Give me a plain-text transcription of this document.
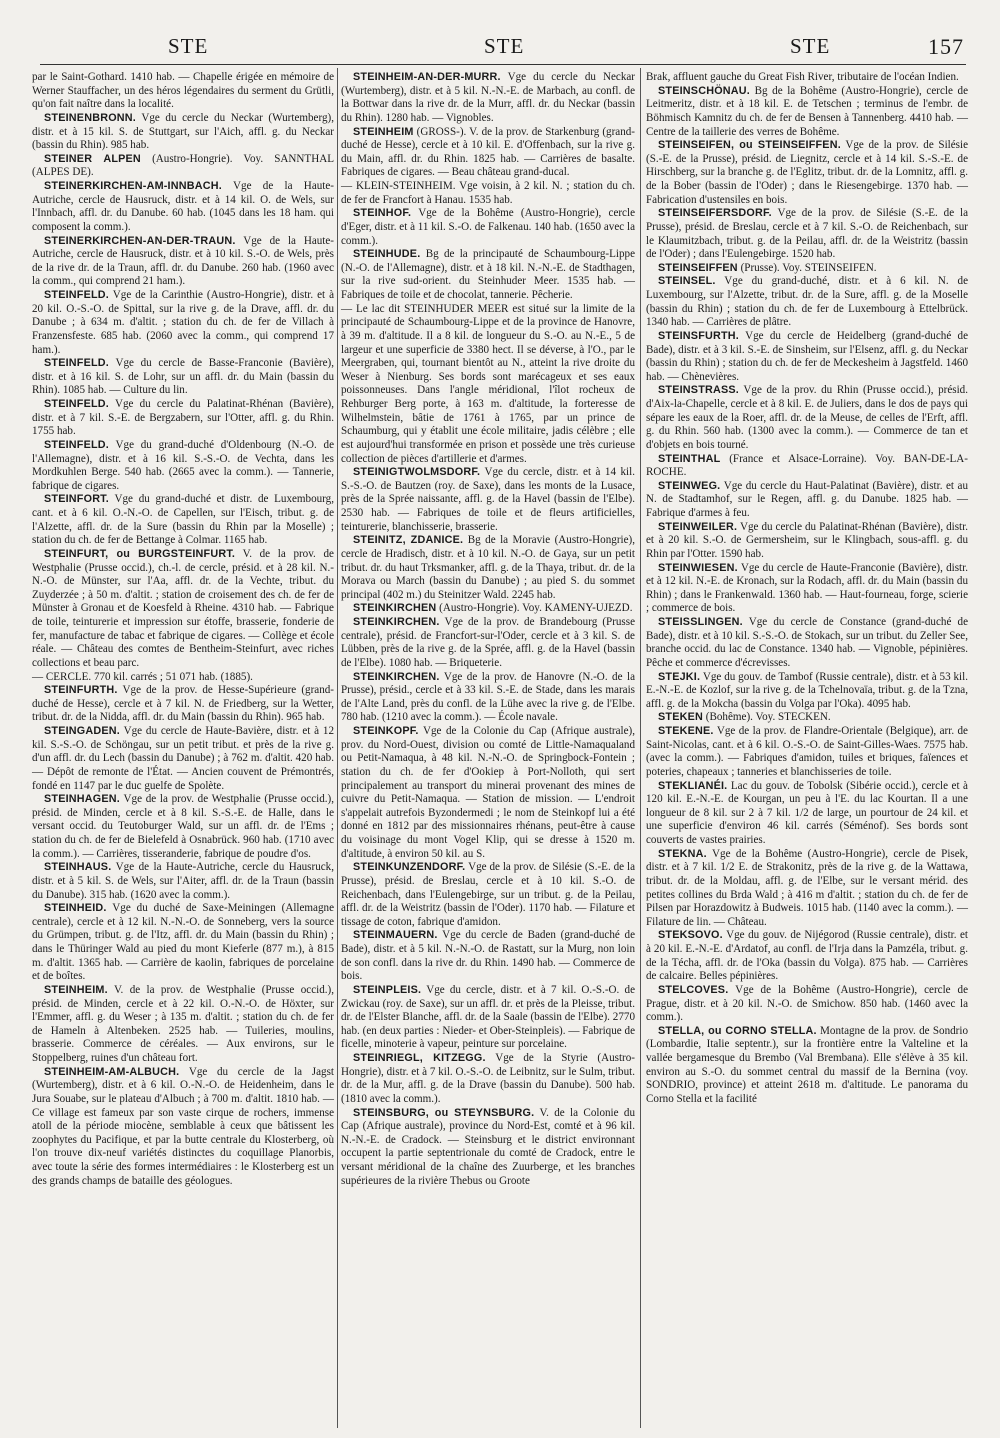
STE	STE	STE	157

par le Saint-Gothard. 1410 hab. — Chapelle érigée en mémoire de Werner Stauffacher, un des héros légendaires du serment du Grütli, qu'on fait naître dans la localité.

STEINENBRONN. Vge du cercle du Neckar (Wurtemberg), distr. et à 15 kil. S. de Stuttgart, sur l'Aich, affl. g. du Neckar (bassin du Rhin). 985 hab.

STEINER ALPEN (Austro-Hongrie). Voy. SANNTHAL (ALPES DE).

STEINERKIRCHEN-AM-INNBACH. Vge de la Haute-Autriche, cercle de Hausruck, distr. et à 14 kil. O. de Wels, sur l'Innbach, affl. dr. du Danube. 60 hab. (1045 dans les 18 ham. qui composent la comm.).

STEINERKIRCHEN-AN-DER-TRAUN. Vge de la Haute-Autriche, cercle de Hausruck, distr. et à 10 kil. S.-O. de Wels, près de la rive dr. de la Traun, affl. dr. du Danube. 260 hab. (1960 avec la comm., qui comprend 21 ham.).

STEINFELD. Vge de la Carinthie (Austro-Hongrie), distr. et à 20 kil. O.-S.-O. de Spittal, sur la rive g. de la Drave, affl. dr. du Danube ; à 634 m. d'altit. ; station du ch. de fer de Villach à Franzensfeste. 685 hab. (2060 avec la comm., qui comprend 17 ham.).

STEINFELD. Vge du cercle de Basse-Franconie (Bavière), distr. et à 16 kil. S. de Lohr, sur un affl. dr. du Main (bassin du Rhin). 1085 hab. — Culture du lin.

STEINFELD. Vge du cercle du Palatinat-Rhénan (Bavière), distr. et à 7 kil. S.-E. de Bergzabern, sur l'Otter, affl. g. du Rhin. 1755 hab.

STEINFELD. Vge du grand-duché d'Oldenbourg (N.-O. de l'Allemagne), distr. et à 16 kil. S.-S.-O. de Vechta, dans les Mordkuhlen Berge. 540 hab. (2665 avec la comm.). — Tannerie, fabrique de cigares.

STEINFORT. Vge du grand-duché et distr. de Luxembourg, cant. et à 6 kil. O.-N.-O. de Capellen, sur l'Eisch, tribut. g. de l'Alzette, affl. dr. de la Sure (bassin du Rhin par la Moselle) ; station du ch. de fer de Bettange à Colmar. 1165 hab.

STEINFURT, ou BURGSTEINFURT. V. de la prov. de Westphalie (Prusse occid.), ch.-l. de cercle, présid. et à 28 kil. N.-N.-O. de Münster, sur l'Aa, affl. dr. de la Vechte, tribut. du Zuyderzée ; à 50 m. d'altit. ; station de croisement des ch. de fer de Münster à Gronau et de Koesfeld à Rheine. 4310 hab. — Fabrique de toile, teinturerie et impression sur étoffe, brasserie, fonderie de fer, manufacture de tabac et fabrique de cigares. — Collège et école réale. — Château des comtes de Bentheim-Steinfurt, avec riches collections et beau parc.

— CERCLE. 770 kil. carrés ; 51 071 hab. (1885).

STEINFURTH. Vge de la prov. de Hesse-Supérieure (grand-duché de Hesse), cercle et à 7 kil. N. de Friedberg, sur la Wetter, tribut. dr. de la Nidda, affl. dr. du Main (bassin du Rhin). 965 hab.

STEINGADEN. Vge du cercle de Haute-Bavière, distr. et à 12 kil. S.-S.-O. de Schöngau, sur un petit tribut. et près de la rive g. d'un affl. dr. du Lech (bassin du Danube) ; à 762 m. d'altit. 420 hab. — Dépôt de remonte de l'État. — Ancien couvent de Prémontrés, fondé en 1147 par le duc guelfe de Spolète.

STEINHAGEN. Vge de la prov. de Westphalie (Prusse occid.), présid. de Minden, cercle et à 8 kil. S.-S.-E. de Halle, dans le versant occid. du Teutoburger Wald, sur un affl. dr. de l'Ems ; station du ch. de fer de Bielefeld à Osnabrück. 960 hab. (1710 avec la comm.). — Carrières, tisseranderie, fabrique de poudre d'os.

STEINHAUS. Vge de la Haute-Autriche, cercle du Hausruck, distr. et à 5 kil. S. de Wels, sur l'Aiter, affl. dr. de la Traun (bassin du Danube). 315 hab. (1620 avec la comm.).

STEINHEID. Vge du duché de Saxe-Meiningen (Allemagne centrale), cercle et à 12 kil. N.-N.-O. de Sonneberg, vers la source du Grümpen, tribut. g. de l'Itz, affl. dr. du Main (bassin du Rhin) ; dans le Thüringer Wald au pied du mont Kieferle (877 m.), à 815 m. d'altit. 1365 hab. — Carrière de kaolin, fabriques de porcelaine et de boîtes.

STEINHEIM. V. de la prov. de Westphalie (Prusse occid.), présid. de Minden, cercle et à 22 kil. O.-N.-O. de Höxter, sur l'Emmer, affl. g. du Weser ; à 135 m. d'altit. ; station du ch. de fer de Hameln à Altenbeken. 2525 hab. — Tuileries, moulins, brasserie. Commerce de céréales. — Aux environs, sur le Stoppelberg, ruines d'un château fort.

STEINHEIM-AM-ALBUCH. Vge du cercle de la Jagst (Wurtemberg), distr. et à 6 kil. O.-N.-O. de Heidenheim, dans le Jura Souabe, sur le plateau d'Albuch ; à 700 m. d'altit. 1810 hab. — Ce village est fameux par son vaste cirque de rochers, immense atoll de la période miocène, semblable à ceux que bâtissent les zoophytes du Pacifique, et par la butte centrale du Klosterberg, où l'on trouve dix-neuf variétés distinctes du coquillage Planorbis, avec toute la série des formes intermédiaires : le Klosterberg est un des grands champs de bataille des géologues.

STEINHEIM-AN-DER-MURR. Vge du cercle du Neckar (Wurtemberg), distr. et à 5 kil. N.-N.-E. de Marbach, au confl. de la Bottwar dans la rive dr. de la Murr, affl. dr. du Neckar (bassin du Rhin). 1280 hab. — Vignobles.

STEINHEIM (GROSS-). V. de la prov. de Starkenburg (grand-duché de Hesse), cercle et à 10 kil. E. d'Offenbach, sur la rive g. du Main, affl. dr. du Rhin. 1825 hab. — Carrières de basalte. Fabriques de cigares. — Beau château grand-ducal.

— KLEIN-STEINHEIM. Vge voisin, à 2 kil. N. ; station du ch. de fer de Francfort à Hanau. 1535 hab.

STEINHOF. Vge de la Bohême (Austro-Hongrie), cercle d'Eger, distr. et à 11 kil. S.-O. de Falkenau. 140 hab. (1650 avec la comm.).

STEINHUDE. Bg de la principauté de Schaumbourg-Lippe (N.-O. de l'Allemagne), distr. et à 18 kil. N.-N.-E. de Stadthagen, sur la rive sud-orient. du Steinhuder Meer. 1535 hab. — Fabriques de toile et de chocolat, tannerie. Pêcherie.

— Le lac dit STEINHUDER MEER est situé sur la limite de la principauté de Schaumbourg-Lippe et de la province de Hanovre, à 39 m. d'altitude. Il a 8 kil. de longueur du S.-O. au N.-E., 5 de largeur et une superficie de 3380 hect. Il se déverse, à l'O., par le Meergraben, qui, tournant bientôt au N., atteint la rive droite du Weser à Nienburg. Ses bords sont marécageux et ses eaux poissonneuses. Dans l'angle méridional, l'îlot rocheux de Rehburger Berg porte, à 163 m. d'altitude, la forteresse de Wilhelmstein, bâtie de 1761 à 1765, par un prince de Schaumburg, qui y établit une école militaire, jadis célèbre ; elle est aujourd'hui transformée en prison et possède une très curieuse collection de pièces d'artillerie et d'armes.

STEINIGTWOLMSDORF. Vge du cercle, distr. et à 14 kil. S.-S.-O. de Bautzen (roy. de Saxe), dans les monts de la Lusace, près de la Sprée naissante, affl. g. de la Havel (bassin de l'Elbe). 2530 hab. — Fabriques de toile et de fleurs artificielles, teinturerie, blanchisserie, brasserie.

STEINITZ, ZDANICE. Bg de la Moravie (Austro-Hongrie), cercle de Hradisch, distr. et à 10 kil. N.-O. de Gaya, sur un petit tribut. dr. du haut Trksmanker, affl. g. de la Thaya, tribut. dr. de la Morava ou March (bassin du Danube) ; au pied S. du sommet principal (402 m.) du Steinitzer Wald. 2245 hab.

STEINKIRCHEN (Austro-Hongrie). Voy. KAMENY-UJEZD.

STEINKIRCHEN. Vge de la prov. de Brandebourg (Prusse centrale), présid. de Francfort-sur-l'Oder, cercle et à 3 kil. S. de Lübben, près de la rive g. de la Sprée, affl. g. de la Havel (bassin de l'Elbe). 1080 hab. — Briqueterie.

STEINKIRCHEN. Vge de la prov. de Hanovre (N.-O. de la Prusse), présid., cercle et à 33 kil. S.-E. de Stade, dans les marais de l'Alte Land, près du confl. de la Lühe avec la rive g. de l'Elbe. 780 hab. (1210 avec la comm.). — École navale.

STEINKOPF. Vge de la Colonie du Cap (Afrique australe), prov. du Nord-Ouest, division ou comté de Little-Namaqualand ou Petit-Namaqua, à 48 kil. N.-N.-O. de Springbock-Fontein ; station du ch. de fer d'Ookiep à Port-Nolloth, qui sert principalement au transport du minerai provenant des mines de cuivre du Petit-Namaqua. — Station de mission. — L'endroit s'appelait autrefois Byzondermedi ; le nom de Steinkopf lui a été donné en 1812 par des missionnaires rhénans, peut-être à cause du voisinage du mont Vogel Klip, qui se dresse à 1520 m. d'altitude, à environ 50 kil. au S.

STEINKUNZENDORF. Vge de la prov. de Silésie (S.-E. de la Prusse), présid. de Breslau, cercle et à 10 kil. S.-O. de Reichenbach, dans l'Eulengebirge, sur un tribut. g. de la Peilau, affl. dr. de la Weistritz (bassin de l'Oder). 1170 hab. — Filature et tissage de coton, fabrique d'amidon.

STEINMAUERN. Vge du cercle de Baden (grand-duché de Bade), distr. et à 5 kil. N.-N.-O. de Rastatt, sur la Murg, non loin de son confl. dans la rive dr. du Rhin. 1490 hab. — Commerce de bois.

STEINPLEIS. Vge du cercle, distr. et à 7 kil. O.-S.-O. de Zwickau (roy. de Saxe), sur un affl. dr. et près de la Pleisse, tribut. dr. de l'Elster Blanche, affl. dr. de la Saale (bassin de l'Elbe). 2770 hab. (en deux parties : Nieder- et Ober-Steinpleis). — Fabrique de ficelle, minoterie à vapeur, peinture sur porcelaine.

STEINRIEGL, KITZEGG. Vge de la Styrie (Austro-Hongrie), distr. et à 7 kil. O.-S.-O. de Leibnitz, sur le Sulm, tribut. dr. de la Mur, affl. g. de la Drave (bassin du Danube). 500 hab. (1810 avec la comm.).

STEINSBURG, ou STEYNSBURG. V. de la Colonie du Cap (Afrique australe), province du Nord-Est, comté et à 96 kil. N.-N.-E. de Cradock. — Steinsburg et le district environnant occupent la partie septentrionale du comté de Cradock, entre le versant méridional de la chaîne des Zuurberge, et les branches supérieures de la rivière Thebus ou Groote

Brak, affluent gauche du Great Fish River, tributaire de l'océan Indien.

STEINSCHÖNAU. Bg de la Bohême (Austro-Hongrie), cercle de Leitmeritz, distr. et à 18 kil. E. de Tetschen ; terminus de l'embr. de Böhmisch Kamnitz du ch. de fer de Bensen à Tannenberg. 4410 hab. — Centre de la taillerie des verres de Bohême.

STEINSEIFEN, ou STEINSEIFFEN. Vge de la prov. de Silésie (S.-E. de la Prusse), présid. de Liegnitz, cercle et à 14 kil. S.-S.-E. de Hirschberg, sur la branche g. de l'Eglitz, tribut. dr. de la Lomnitz, affl. g. de la Bober (bassin de l'Oder) ; dans le Riesengebirge. 1370 hab. — Fabrication d'ustensiles en bois.

STEINSEIFERSDORF. Vge de la prov. de Silésie (S.-E. de la Prusse), présid. de Breslau, cercle et à 7 kil. S.-O. de Reichenbach, sur le Klaumitzbach, tribut. g. de la Peilau, affl. dr. de la Weistritz (bassin de l'Oder) ; dans l'Eulengebirge. 1520 hab.

STEINSEIFFEN (Prusse). Voy. STEINSEIFEN.

STEINSEL. Vge du grand-duché, distr. et à 6 kil. N. de Luxembourg, sur l'Alzette, tribut. dr. de la Sure, affl. g. de la Moselle (bassin du Rhin) ; station du ch. de fer de Luxembourg à Ettelbrück. 1340 hab. — Carrières de plâtre.

STEINSFURTH. Vge du cercle de Heidelberg (grand-duché de Bade), distr. et à 3 kil. S.-E. de Sinsheim, sur l'Elsenz, affl. g. du Neckar (bassin du Rhin) ; station du ch. de fer de Meckesheim à Jagstfeld. 1460 hab. — Chènevières.

STEINSTRASS. Vge de la prov. du Rhin (Prusse occid.), présid. d'Aix-la-Chapelle, cercle et à 8 kil. E. de Juliers, dans le dos de pays qui sépare les eaux de la Roer, affl. dr. de la Meuse, de celles de l'Erft, affl. g. du Rhin. 560 hab. (1300 avec la comm.). — Commerce de tan et d'objets en bois tourné.

STEINTHAL (France et Alsace-Lorraine). Voy. BAN-DE-LA-ROCHE.

STEINWEG. Vge du cercle du Haut-Palatinat (Bavière), distr. et au N. de Stadtamhof, sur le Regen, affl. g. du Danube. 1825 hab. — Fabrique d'armes à feu.

STEINWEILER. Vge du cercle du Palatinat-Rhénan (Bavière), distr. et à 20 kil. S.-O. de Germersheim, sur le Klingbach, sous-affl. g. du Rhin par l'Otter. 1590 hab.

STEINWIESEN. Vge du cercle de Haute-Franconie (Bavière), distr. et à 12 kil. N.-E. de Kronach, sur la Rodach, affl. dr. du Main (bassin du Rhin) ; dans le Frankenwald. 1360 hab. — Haut-fourneau, forge, scierie ; commerce de bois.

STEISSLINGEN. Vge du cercle de Constance (grand-duché de Bade), distr. et à 10 kil. S.-S.-O. de Stokach, sur un tribut. du Zeller See, branche occid. du lac de Constance. 1340 hab. — Vignoble, pépinières. Pêche et commerce d'écrevisses.

STEJKI. Vge du gouv. de Tambof (Russie centrale), distr. et à 53 kil. E.-N.-E. de Kozlof, sur la rive g. de la Tchelnovaïa, tribut. g. de la Tzna, affl. g. de la Mokcha (bassin du Volga par l'Oka). 4095 hab.

STEKEN (Bohême). Voy. STECKEN.

STEKENE. Vge de la prov. de Flandre-Orientale (Belgique), arr. de Saint-Nicolas, cant. et à 6 kil. O.-S.-O. de Saint-Gilles-Waes. 7575 hab. (avec la comm.). — Fabriques d'amidon, tuiles et briques, faïences et poteries, chapeaux ; tanneries et blanchisseries de toile.

STEKLIANÉI. Lac du gouv. de Tobolsk (Sibérie occid.), cercle et à 120 kil. E.-N.-E. de Kourgan, un peu à l'E. du lac Kourtan. Il a une longueur de 8 kil. sur 2 à 7 kil. 1/2 de large, un pourtour de 24 kil. et une superficie d'environ 46 kil. carrés (Séménof). Ses bords sont couverts de vastes prairies.

STEKNA. Vge de la Bohême (Austro-Hongrie), cercle de Pisek, distr. et à 7 kil. 1/2 E. de Strakonitz, près de la rive g. de la Wattawa, tribut. dr. de la Moldau, affl. g. de l'Elbe, sur le versant mérid. des petites collines du Brda Wald ; à 416 m d'altit. ; station du ch. de fer de Pilsen par Horazdowitz à Budweis. 1015 hab. (1140 avec la comm.). — Filature de lin. — Château.

STEKSOVO. Vge du gouv. de Nijégorod (Russie centrale), distr. et à 20 kil. E.-N.-E. d'Ardatof, au confl. de l'Irja dans la Pamzéla, tribut. g. de la Técha, affl. dr. de l'Oka (bassin du Volga). 875 hab. — Carrières de calcaire. Belles pépinières.

STELCOVES. Vge de la Bohême (Austro-Hongrie), cercle de Prague, distr. et à 20 kil. N.-O. de Smichow. 850 hab. (1460 avec la comm.).

STELLA, ou CORNO STELLA. Montagne de la prov. de Sondrio (Lombardie, Italie septentr.), sur la frontière entre la Valteline et la vallée bergamesque du Brembo (Val Brembana). Elle s'élève à 35 kil. environ au S.-O. du sommet central du massif de la Bernina (voy. SONDRIO, province) et atteint 2618 m. d'altitude. Le panorama du Corno Stella et la facilité
